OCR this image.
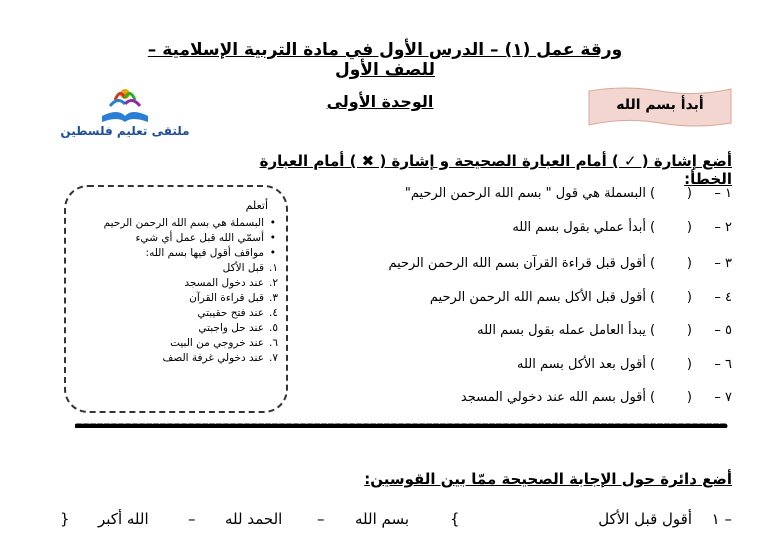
ورقة عمل (١) – الدرس الأول في مادة التربية الإسلامية – للصف الأول
أبدأ بسم الله
الوحدة الأولى
ملتقى تعليم فلسطين
أضع إشارة ( ✓ ) أمام العبارة الصحيحة و إشارة ( ✖ ) أمام العبارة الخطأ:
١ –
(
)
البسملة هي قول " بسم الله الرحمن الرحيم"
٢ –
(
)
أبدأ عملي بقول بسم الله
٣ –
(
)
أقول قبل قراءة القرآن بسم الله الرحمن الرحيم
٤ –
(
)
أقول قبل الأكل بسم الله الرحمن الرحيم
٥ –
(
)
يبدأ العامل عمله بقول بسم الله
٦ –
(
)
أقول بعد الأكل بسم الله
٧ –
(
)
أقول بسم الله عند دخولي المسجد
أتعلم
• البسملة هي بسم الله الرحمن الرحيم
• أسمّي الله قبل عمل أي شيء
• مواقف أقول فيها بسم الله:
١.
قبل الأكل
٢.
عند دخول المسجد
٣.
قبل قراءة القرآن
٤.
عند فتح حقيبتي
٥.
عند حل واجبتي
٦.
عند خروجي من البيت
٧.
عند دخولي غرفة الصف
أضع دائرة حول الإجابة الصحيحة ممّا بين القوسين:
١ –
أقول قبل الأكل
{
بسم الله
–
الحمد لله
–
الله أكبر
}
